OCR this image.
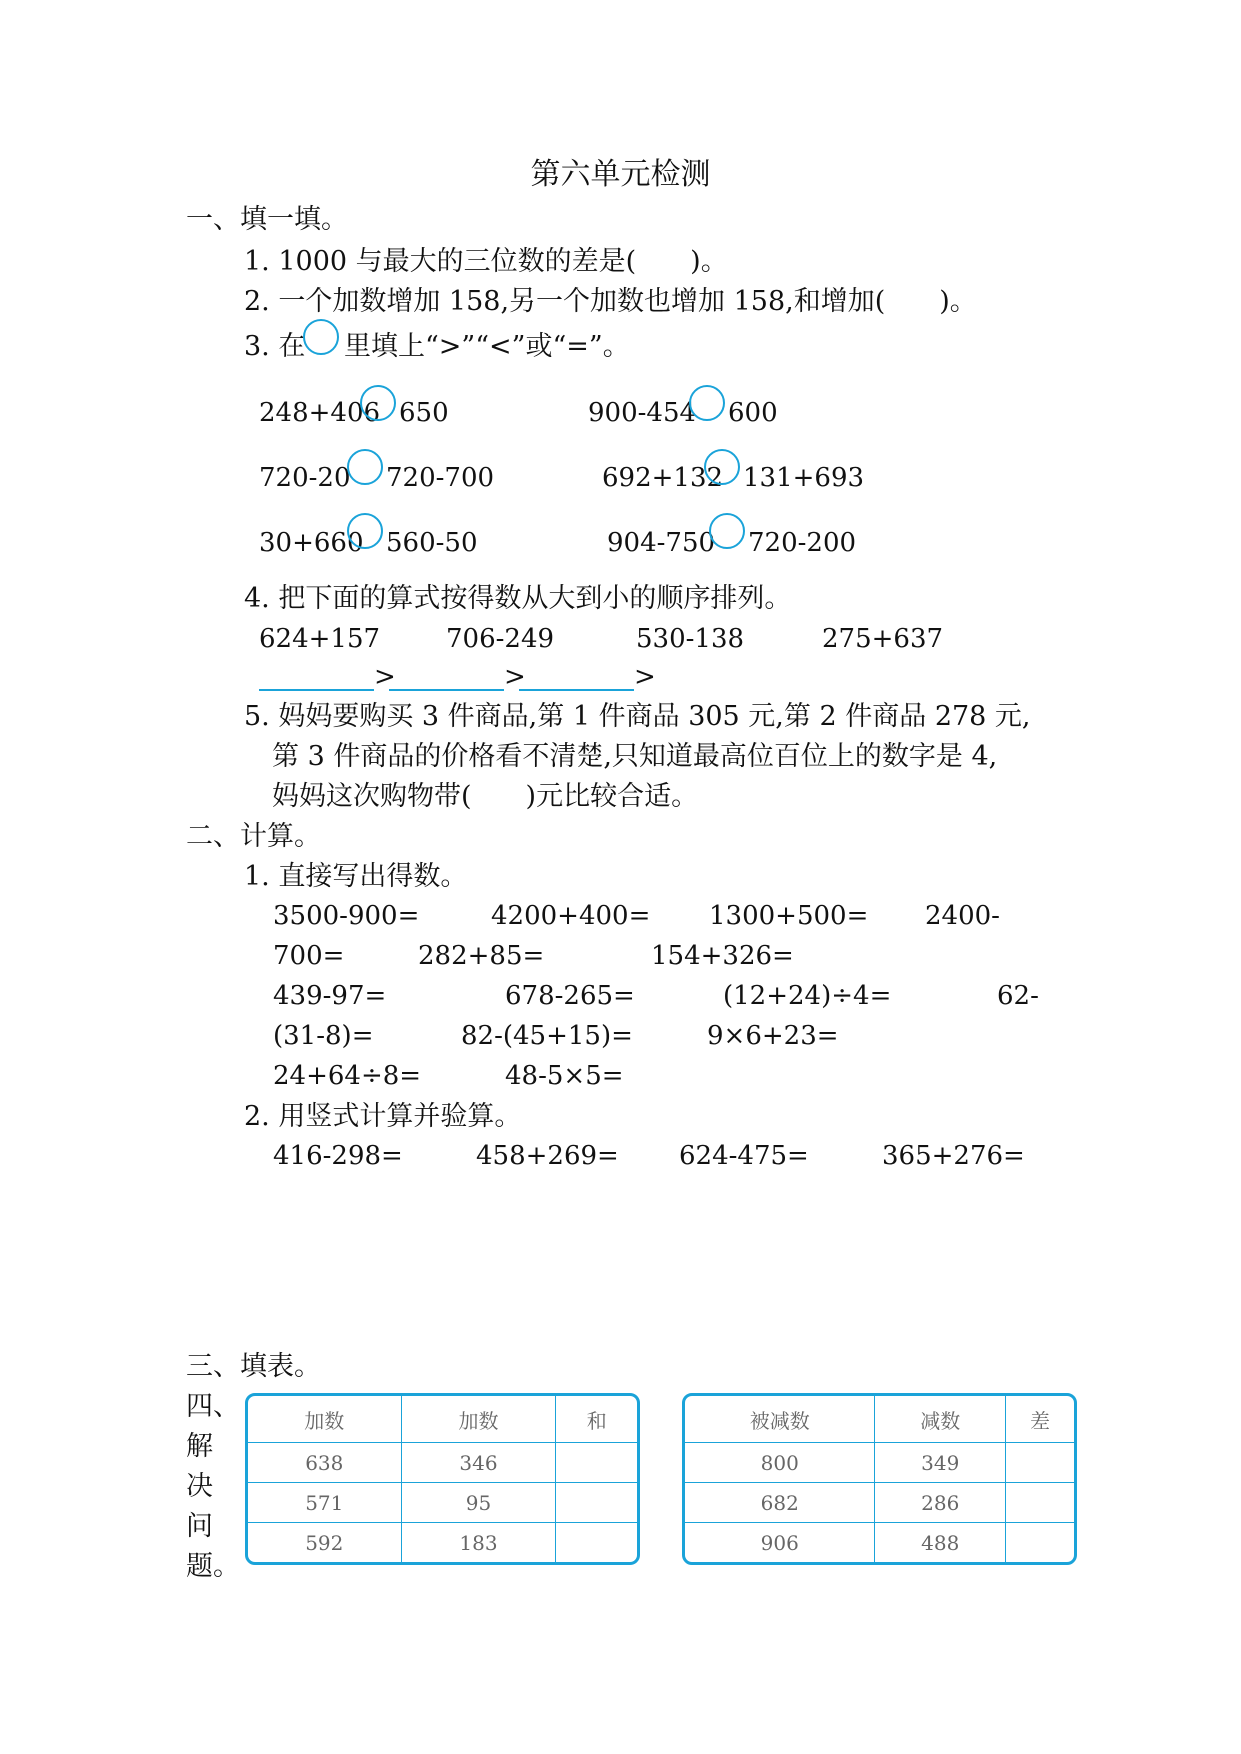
第六单元检测
一、填一填。
1. 1000 与最大的三位数的差是(　　)。
2. 一个加数增加 158,另一个加数也增加 158,和增加(　　)。
3. 在 里填上“>”“<”或“=”。
248+406 650	900-454 600
720-20 720-700	692+132 131+693
30+660 560-50	904-750 720-200
4. 把下面的算式按得数从大到小的顺序排列。
624+157	706-249	530-138	275+637
>	>	>
5. 妈妈要购买 3 件商品,第 1 件商品 305 元,第 2 件商品 278 元,
第 3 件商品的价格看不清楚,只知道最高位百位上的数字是 4,
妈妈这次购物带(　　)元比较合适。
二、计算。
1. 直接写出得数。
3500-900=	4200+400= 1300+500= 2400-
700=	282+85=	154+326=
439-97=	678-265=	(12+24)÷4=	62-
(31-8)=	82-(45+15)=	9×6+23=
24+64÷8=	48-5×5=
2. 用竖式计算并验算。
416-298=	458+269= 624-475=	365+276=
三、填表。
四、
解
决
问
题。
加数	加数	和
638	346	
571	95	
592	183	
被减数	减数	差
800	349	
682	286	
906	488	
